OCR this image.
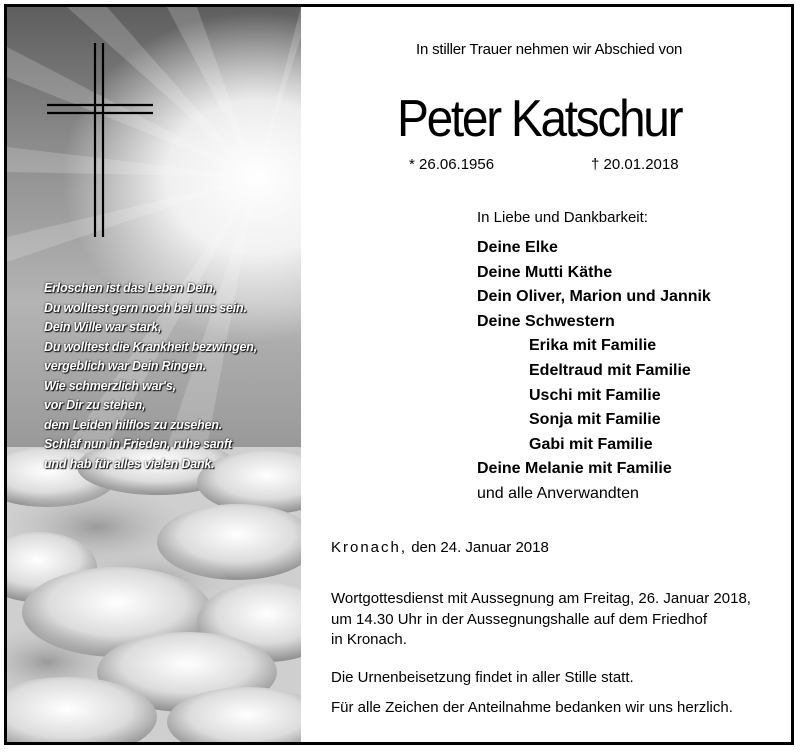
Erloschen ist das Leben Dein,
Du wolltest gern noch bei uns sein.
Dein Wille war stark,
Du wolltest die Krankheit bezwingen,
vergeblich war Dein Ringen.
Wie schmerzlich war's,
vor Dir zu stehen,
dem Leiden hilflos zu zusehen.
Schlaf nun in Frieden, ruhe sanft
und hab für alles vielen Dank.
In stiller Trauer nehmen wir Abschied von
Peter Katschur
* 26.06.1956	† 20.01.2018
In Liebe und Dankbarkeit:
Deine Elke
Deine Mutti Käthe
Dein Oliver, Marion und Jannik
Deine Schwestern
Erika mit Familie
Edeltraud mit Familie
Uschi mit Familie
Sonja mit Familie
Gabi mit Familie
Deine Melanie mit Familie
und alle Anverwandten
Kronach, den 24. Januar 2018
Wortgottesdienst mit Aussegnung am Freitag, 26. Januar 2018,
um 14.30 Uhr in der Aussegnungshalle auf dem Friedhof
in Kronach.
Die Urnenbeisetzung findet in aller Stille statt.
Für alle Zeichen der Anteilnahme bedanken wir uns herzlich.
